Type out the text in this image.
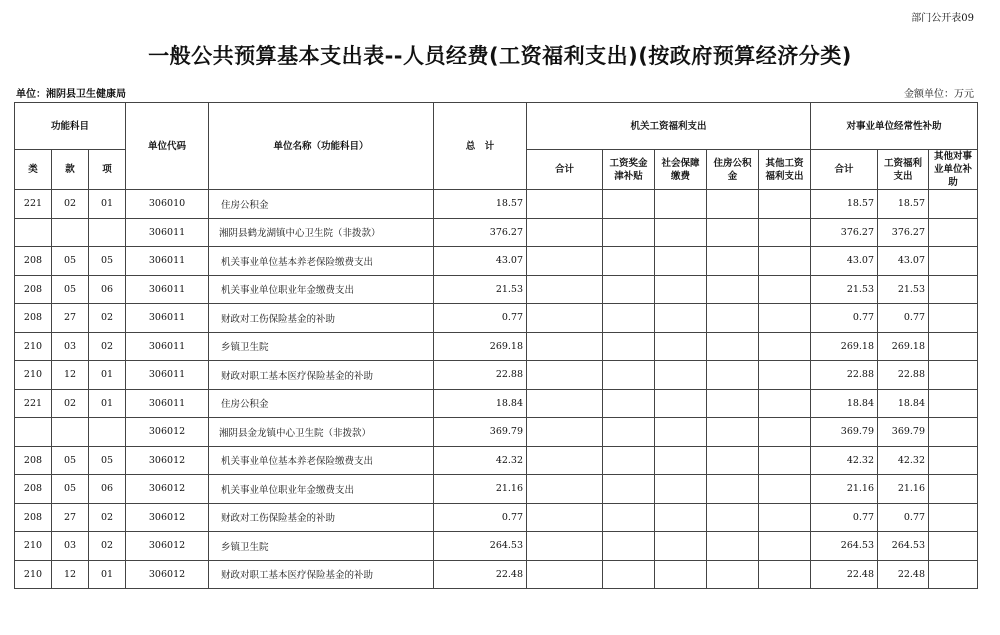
部门公开表09
一般公共预算基本支出表--人员经费(工资福利支出)(按政府预算经济分类)
单位：湘阴县卫生健康局	金额单位：万元
功能科目			单位代码	单位名称（功能科目）	总　计	机关工资福利支出					对事业单位经常性补助		
类	款	项				合计	工资奖金津补贴	社会保障缴费	住房公积金	其他工资福利支出	合计	工资福利支出	其他对事业单位补助
221	02	01	306010	住房公积金	18.57						18.57	18.57	
			306011	湘阴县鹤龙湖镇中心卫生院（非拨款）	376.27						376.27	376.27	
208	05	05	306011	机关事业单位基本养老保险缴费支出	43.07						43.07	43.07	
208	05	06	306011	机关事业单位职业年金缴费支出	21.53						21.53	21.53	
208	27	02	306011	财政对工伤保险基金的补助	0.77						0.77	0.77	
210	03	02	306011	乡镇卫生院	269.18						269.18	269.18	
210	12	01	306011	财政对职工基本医疗保险基金的补助	22.88						22.88	22.88	
221	02	01	306011	住房公积金	18.84						18.84	18.84	
			306012	湘阴县金龙镇中心卫生院（非拨款）	369.79						369.79	369.79	
208	05	05	306012	机关事业单位基本养老保险缴费支出	42.32						42.32	42.32	
208	05	06	306012	机关事业单位职业年金缴费支出	21.16						21.16	21.16	
208	27	02	306012	财政对工伤保险基金的补助	0.77						0.77	0.77	
210	03	02	306012	乡镇卫生院	264.53						264.53	264.53	
210	12	01	306012	财政对职工基本医疗保险基金的补助	22.48						22.48	22.48	
